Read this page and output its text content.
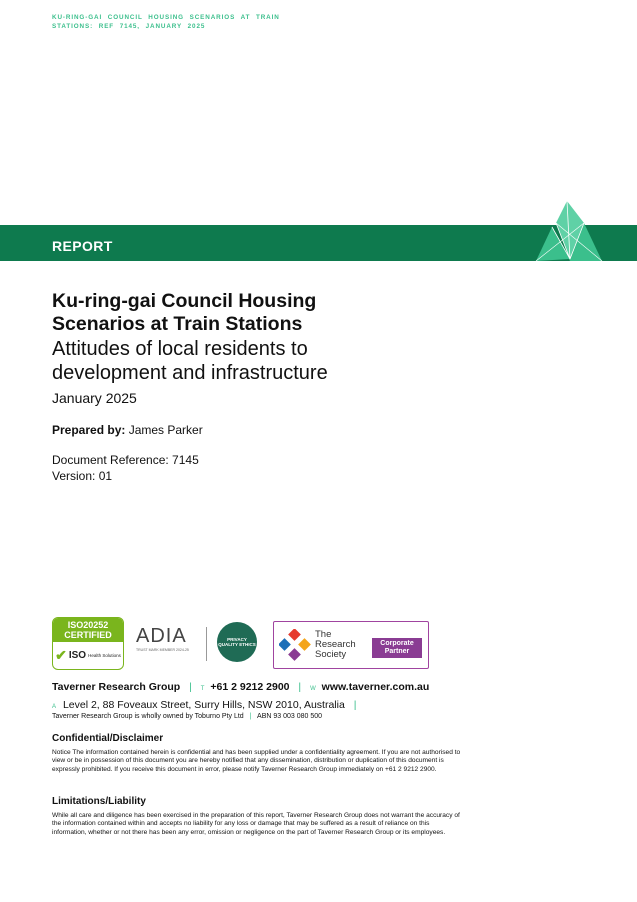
KU-RING-GAI COUNCIL HOUSING SCENARIOS AT TRAIN
STATIONS: REF 7145, JANUARY 2025
REPORT
Ku-ring-gai Council Housing Scenarios at Train Stations
Attitudes of local residents to development and infrastructure
January 2025
Prepared by: James Parker
Document Reference: 7145
Version: 01
ISO20252
CERTIFIED
✔ ISO Health Solutions
ADIA
TRUST MARK MEMBER 2024-25
PRIVACY QUALITY ETHICS
The
Research
Society
Corporate Partner
Taverner Research Group | T +61 2 9212 2900 | W www.taverner.com.au
A Level 2, 88 Foveaux Street, Surry Hills, NSW 2010, Australia |
Taverner Research Group is wholly owned by Toburno Pty Ltd | ABN 93 003 080 500
Confidential/Disclaimer
Notice The information contained herein is confidential and has been supplied under a confidentiality agreement. If you are not authorised to view or be in possession of this document you are hereby notified that any dissemination, distribution or duplication of this document is expressly prohibited. If you receive this document in error, please notify Taverner Research Group immediately on +61 2 9212 2900.
Limitations/Liability
While all care and diligence has been exercised in the preparation of this report, Taverner Research Group does not warrant the accuracy of the information contained within and accepts no liability for any loss or damage that may be suffered as a result of reliance on this information, whether or not there has been any error, omission or negligence on the part of Taverner Research Group or its employees.
